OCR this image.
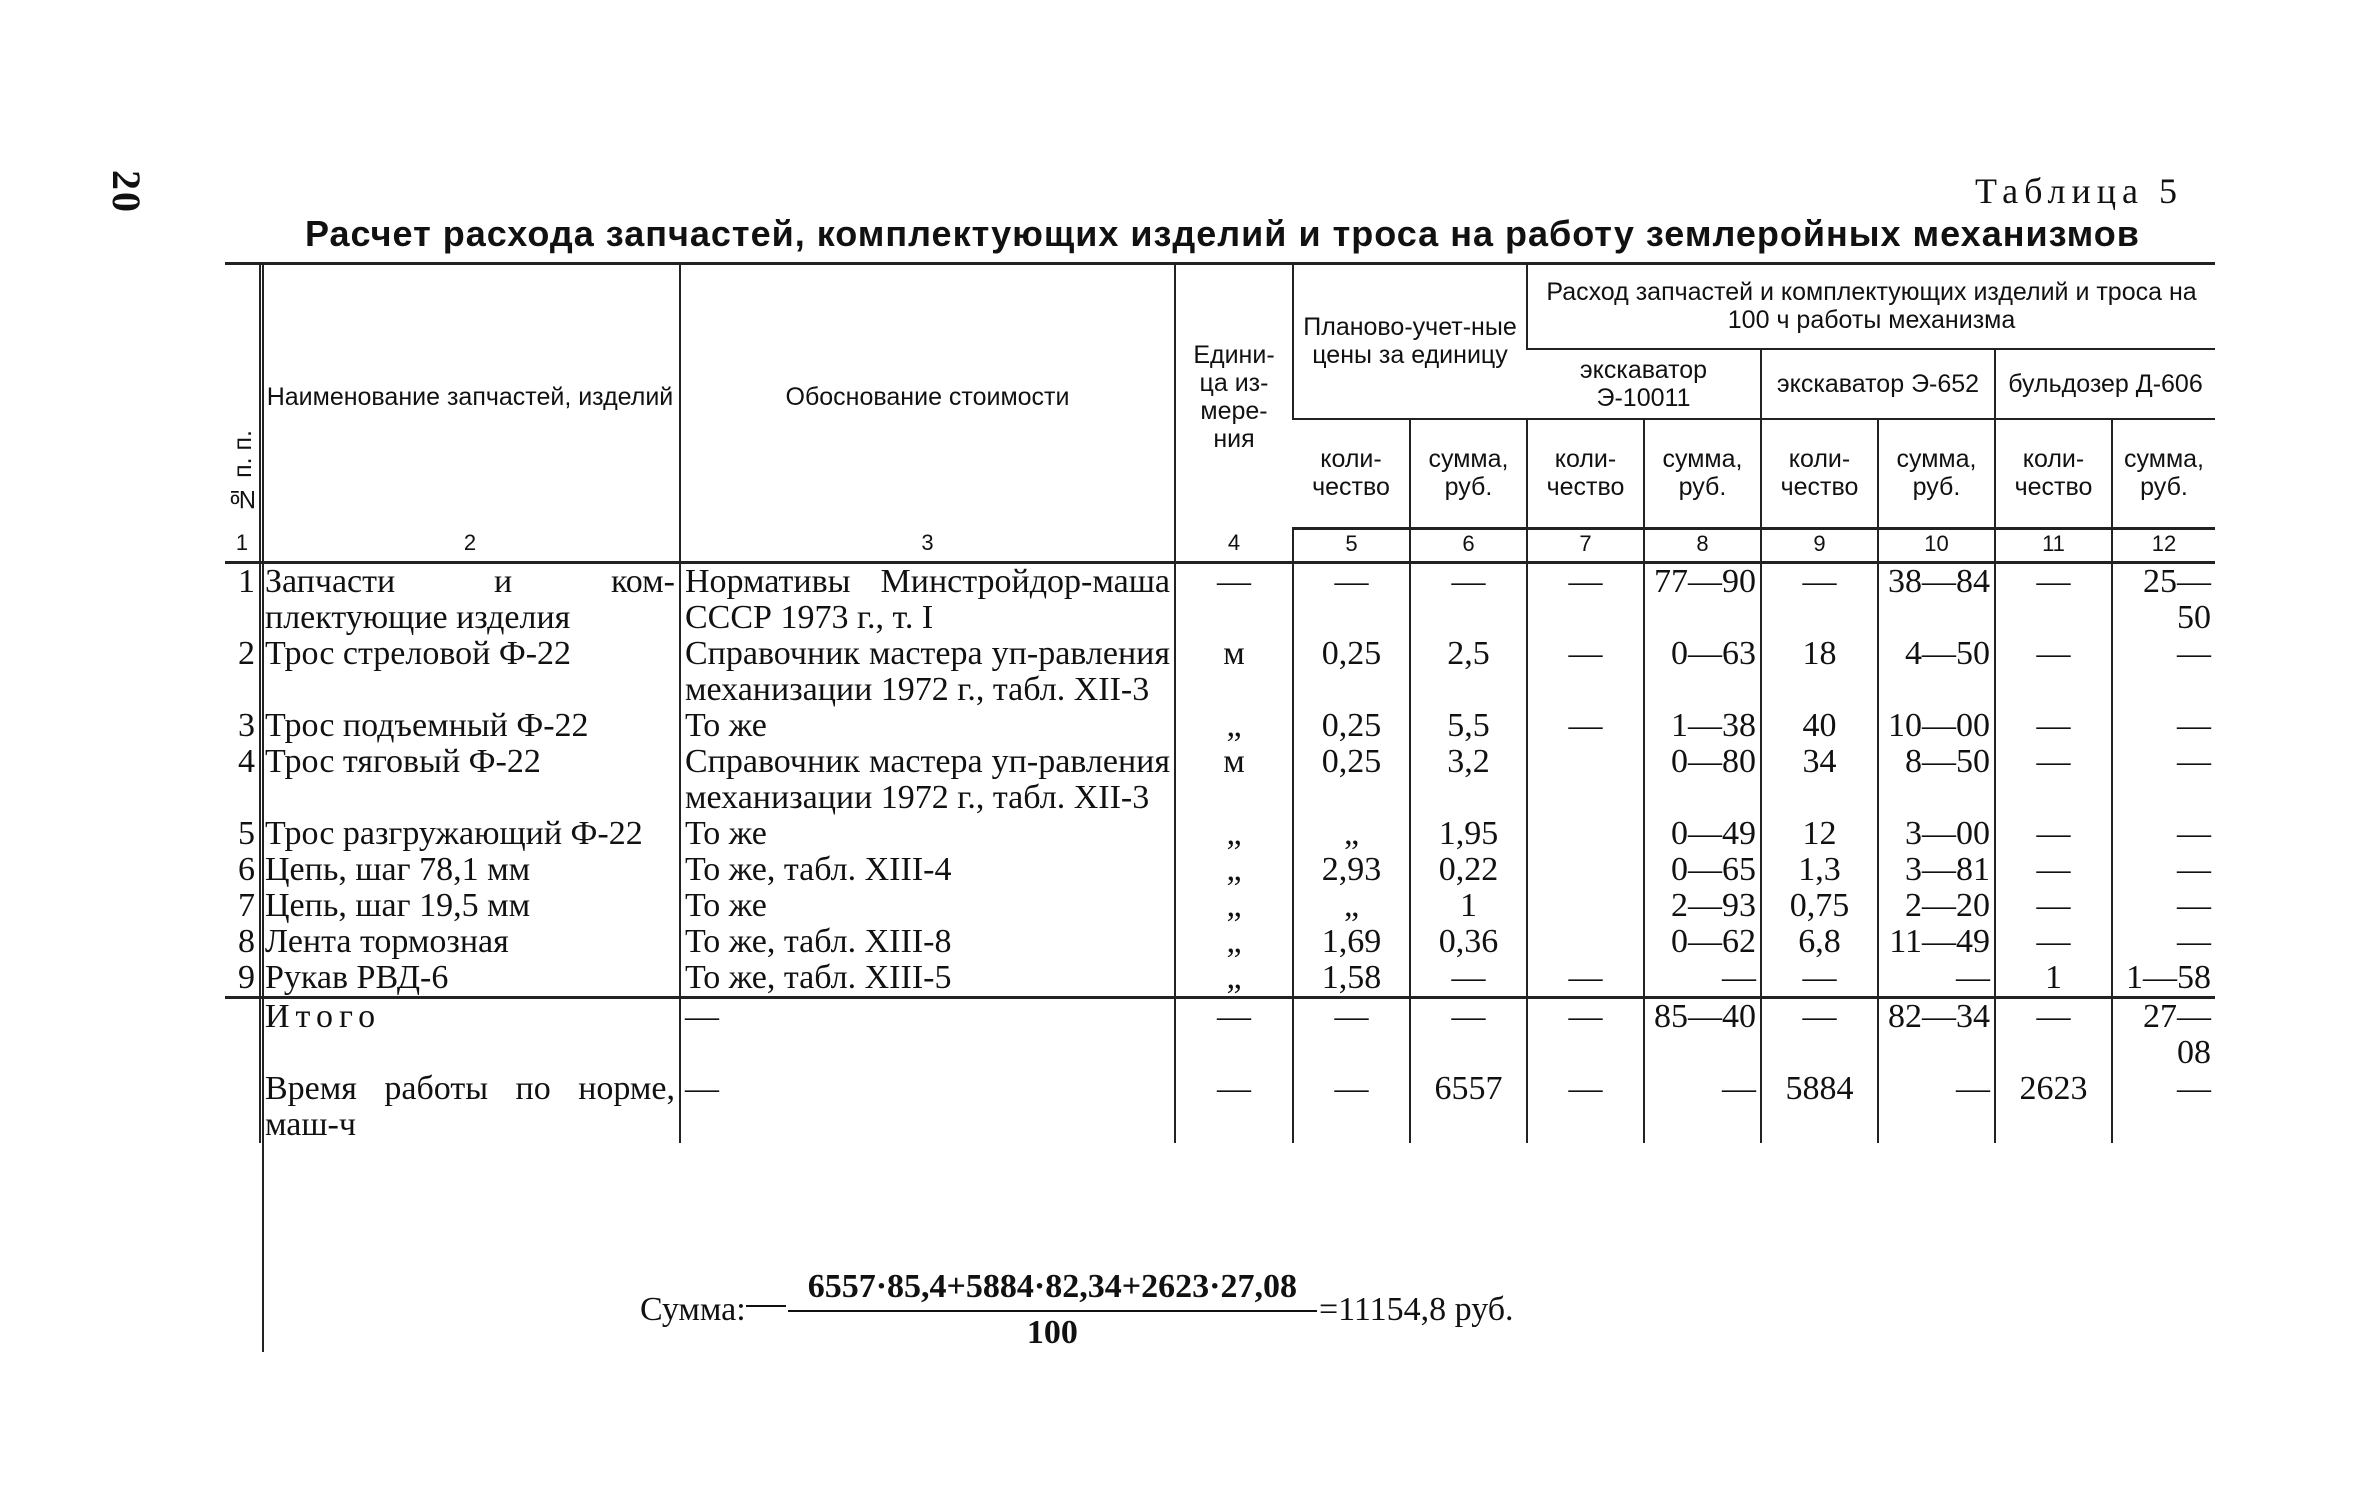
20	Таблица 5
Расчет расхода запчастей, комплектующих изделий и троса на работу землеройных механизмов
№ п. п.	Наименование запчастей, изделий	Обоснование стоимости	Едини-ца из-мере-ния	Планово-учет-ные цены за единицу		Расход запчастей и комплектующих изделий и троса на 100 ч работы механизма					
						экскаватор Э-10011		экскаватор Э-652		бульдозер Д-606	
				коли-чество	сумма, руб.	коли-чество	сумма, руб.	коли-чество	сумма, руб.	коли-чество	сумма, руб.
1	2	3	4	5	6	7	8	9	10	11	12
1	Запчасти и ком-плектующие изделия	Нормативы Минстройдор-маша СССР 1973 г., т. I	—	—	—	—	77—90	—	38—84	—	25—50
2	Трос стреловой Ф-22	Справочник мастера уп-равления механизации 1972 г., табл. XII-3	м	0,25	2,5	—	0—63	18	4—50	—	—
3	Трос подъемный Ф-22	То же	„	0,25	5,5	—	1—38	40	10—00	—	—
4	Трос тяговый Ф-22	Справочник мастера уп-равления механизации 1972 г., табл. XII-3	м	0,25	3,2		0—80	34	8—50	—	—
5	Трос разгружающий Ф-22	То же	„	„	1,95		0—49	12	3—00	—	—
6	Цепь, шаг 78,1 мм	То же, табл. XIII-4	„	2,93	0,22		0—65	1,3	3—81	—	—
7	Цепь, шаг 19,5 мм	То же	„	„	1		2—93	0,75	2—20	—	—
8	Лента тормозная	То же, табл. XIII-8	„	1,69	0,36		0—62	6,8	11—49	—	—
9	Рукав РВД-6	То же, табл. XIII-5	„	1,58	—	—	—	—	—	1	1—58
	Итого	—	—	—	—	—	85—40	—	82—34	—	27—08
	Время работы по норме, маш-ч	—	—	—	6557	—	—	5884	—	2623	—
Сумма: $\frac{6557\cdot 85,4+5884\cdot 82,34+2623\cdot 27,08}{100} =11154,8$ руб.
